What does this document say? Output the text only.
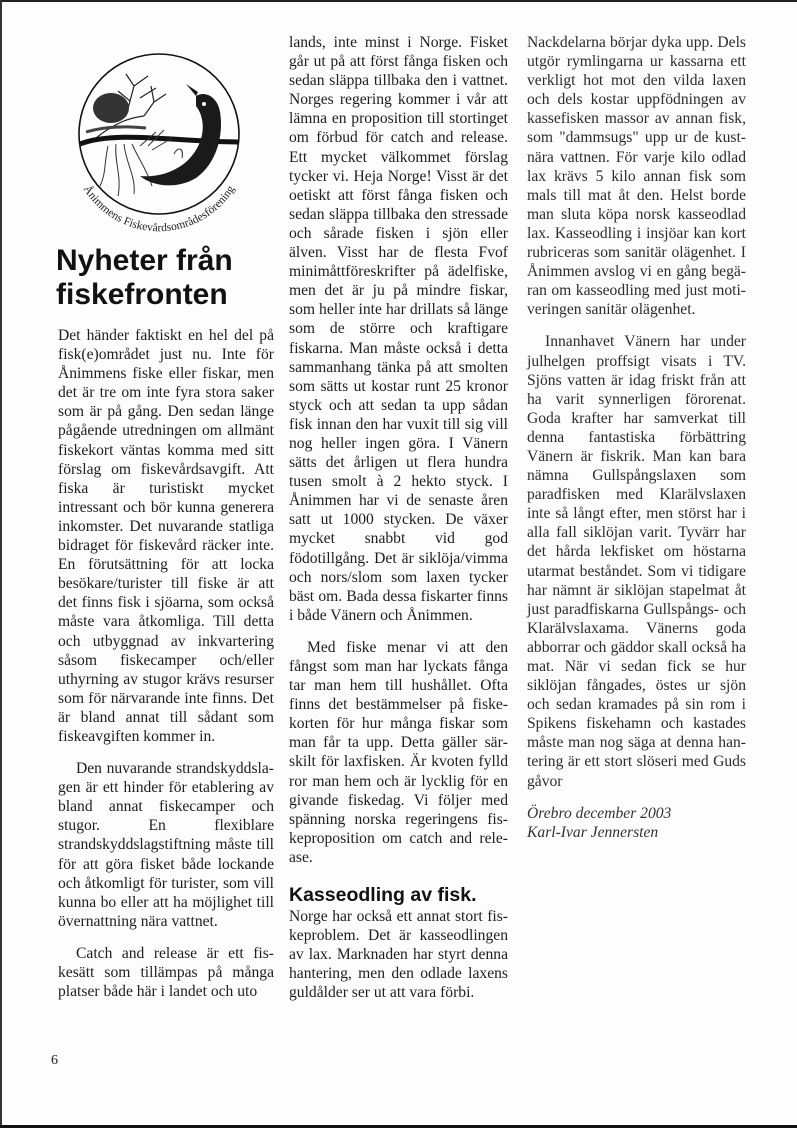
Ånimmens Fiskevårdsområdesförening
Nyheter från
fiskefronten

Det händer faktiskt en hel del på fisk(e)området just nu. Inte för Ånimmens fiske eller fiskar, men det är tre om inte fyra stora saker som är på gång. Den sedan länge pågående utredningen om allmänt fiskekort väntas komma med sitt förslag om fiskevårdsavgift. Att fiska är turistiskt mycket intressant och bör kunna generera inkomster. Det nuvarande statliga bidraget för fiskevård räcker inte. En förutsättning för att locka besökare/​turister till fiske är att det finns fisk i sjöarna, som också måste vara åtkomliga. Till detta och utbyggnad av inkvartering såsom fiskecamper och/eller uthyrning av stugor krävs resurser som för närvarande inte finns. Det är bland annat till sådant som fiskeavgiften kommer in.

Den nuvarande strandskyddslagen är ett hinder för etablering av bland annat fiskecamper och stugor. En flexiblare strandskyddslagstiftning måste till för att göra fisket både lockande och åtkomligt för turister, som vill kunna bo eller att ha möjlighet till övernattning nära vattnet.

Catch and release är ett fiskesätt som tillämpas på många platser både här i landet och uto

lands, inte minst i Norge. Fisket går ut på att först fånga fisken och sedan släppa tillbaka den i vattnet. Norges regering kommer i vår att lämna en proposition till stortinget om förbud för catch and release. Ett mycket välkommet förslag tycker vi. Heja Norge! Visst är det oetiskt att först fånga fisken och sedan släppa tillbaka den stressade och sårade fisken i sjön eller älven. Visst har de flesta Fvof minimåttföreskrifter på ädelfiske, men det är ju på mindre fiskar, som heller inte har drillats så länge som de större och kraftigare fiskarna. Man måste också i detta sammanhang tänka på att smolten som sätts ut kostar runt 25 kronor styck och att sedan ta upp sådan fisk innan den har vuxit till sig vill nog heller ingen göra. I Vänern sätts det årligen ut flera hundra tusen smolt à 2 hekto styck. I Ånimmen har vi de senaste åren satt ut 1000 stycken. De växer mycket snabbt vid god födotillgång. Det är siklöja/vimma och nors/slom som laxen tycker bäst om. Bada dessa fiskarter finns i både Vänern och Ånimmen.

Med fiske menar vi att den fångst som man har lyckats fånga tar man hem till hushållet. Ofta finns det bestämmelser på fiskekorten för hur många fiskar som man får ta upp. Detta gäller särskilt för laxfisken. Är kvoten fylld ror man hem och är lycklig för en givande fiskedag. Vi följer med spänning norska regeringens fiskeproposition om catch and release.

Kasseodling av fisk.

Norge har också ett annat stort fiskeproblem. Det är kasseodlingen av lax. Marknaden har styrt denna hantering, men den odlade laxens guldålder ser ut att vara förbi.

Nackdelarna börjar dyka upp. Dels utgör rymlingarna ur kassarna ett verkligt hot mot den vilda laxen och dels kostar uppfödningen av kassefisken massor av annan fisk, som "dammsugs" upp ur de kustnära vattnen. För varje kilo odlad lax krävs 5 kilo annan fisk som mals till mat åt den. Helst borde man sluta köpa norsk kasseodlad lax. Kasseodling i insjöar kan kort rubriceras som sanitär olägenhet. I Ånimmen avslog vi en gång begäran om kasseodling med just motiveringen sanitär olägenhet.

Innanhavet Vänern har under julhelgen proffsigt visats i TV. Sjöns vatten är idag friskt från att ha varit synnerligen förorenat. Goda krafter har samverkat till denna fantastiska förbättring Vänern är fiskrik. Man kan bara nämna Gullspångslaxen som paradfisken med Klarälvslaxen inte så långt efter, men störst har i alla fall siklöjan varit. Tyvärr har det hårda lekfisket om höstarna utarmat beståndet. Som vi tidigare har nämnt är siklöjan stapelmat åt just paradfiskarna Gullspångs- och Klarälvslaxama. Vänerns goda abborrar och gäddor skall också ha mat. När vi sedan fick se hur siklöjan fångades, östes ur sjön och sedan kramades på sin rom i Spikens fiskehamn och kastades måste man nog säga at denna hantering är ett stort slöseri med Guds gåvor

Örebro december 2003

Karl-Ivar Jennersten

6
